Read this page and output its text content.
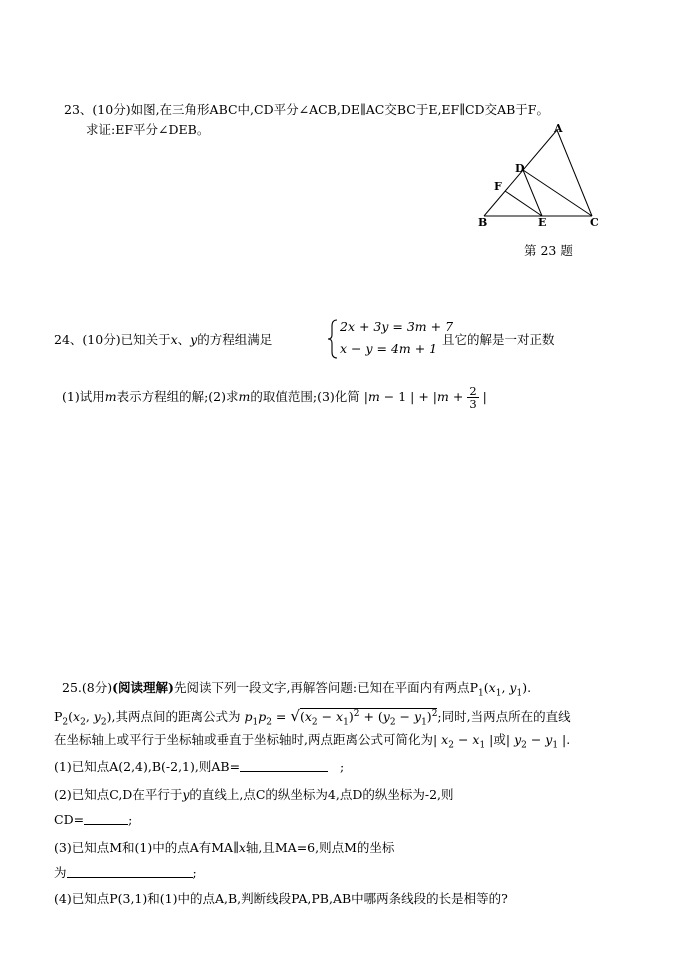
23、(10分)如图,在三角形ABC中,CD平分∠ACB,DE∥AC交BC于E,EF∥CD交AB于F。
求证:EF平分∠DEB。	A
D
F
B	E	C
第 23 题
24、(10分)已知关于x、y的方程组满足
2x + 3y = 3m + 7
x − y = 4m + 1
且它的解是一对正数
(1)试用m表示方程组的解;(2)求m的取值范围;(3)化简 |m − 1 | + $|m + \frac{2}{3}$ |
25.(8分)(阅读理解)先阅读下列一段文字,再解答问题:已知在平面内有两点$P_1(x_1$, $y_1$).
$P_2(x_2$, $y_2$),其两点间的距离公式为 $p_1p_2 = √(x_2 - x_1)^2 + (y_2 - y_1)^2$;同时,当两点所在的直线
在坐标轴上或平行于坐标轴或垂直于坐标轴时,两点距离公式可简化为| $x_2 - x_1$ |或| $y_2 - y_1$ |.
(1)已知点A(2,4),B(-2,1),则AB=	;
(2)已知点C,D在平行于y的直线上,点C的纵坐标为4,点D的纵坐标为-2,则
CD=	;
(3)已知点M和(1)中的点A有MA∥x轴,且MA=6,则点M的坐标
为	;
(4)已知点P(3,1)和(1)中的点A,B,判断线段PA,PB,AB中哪两条线段的长是相等的?
